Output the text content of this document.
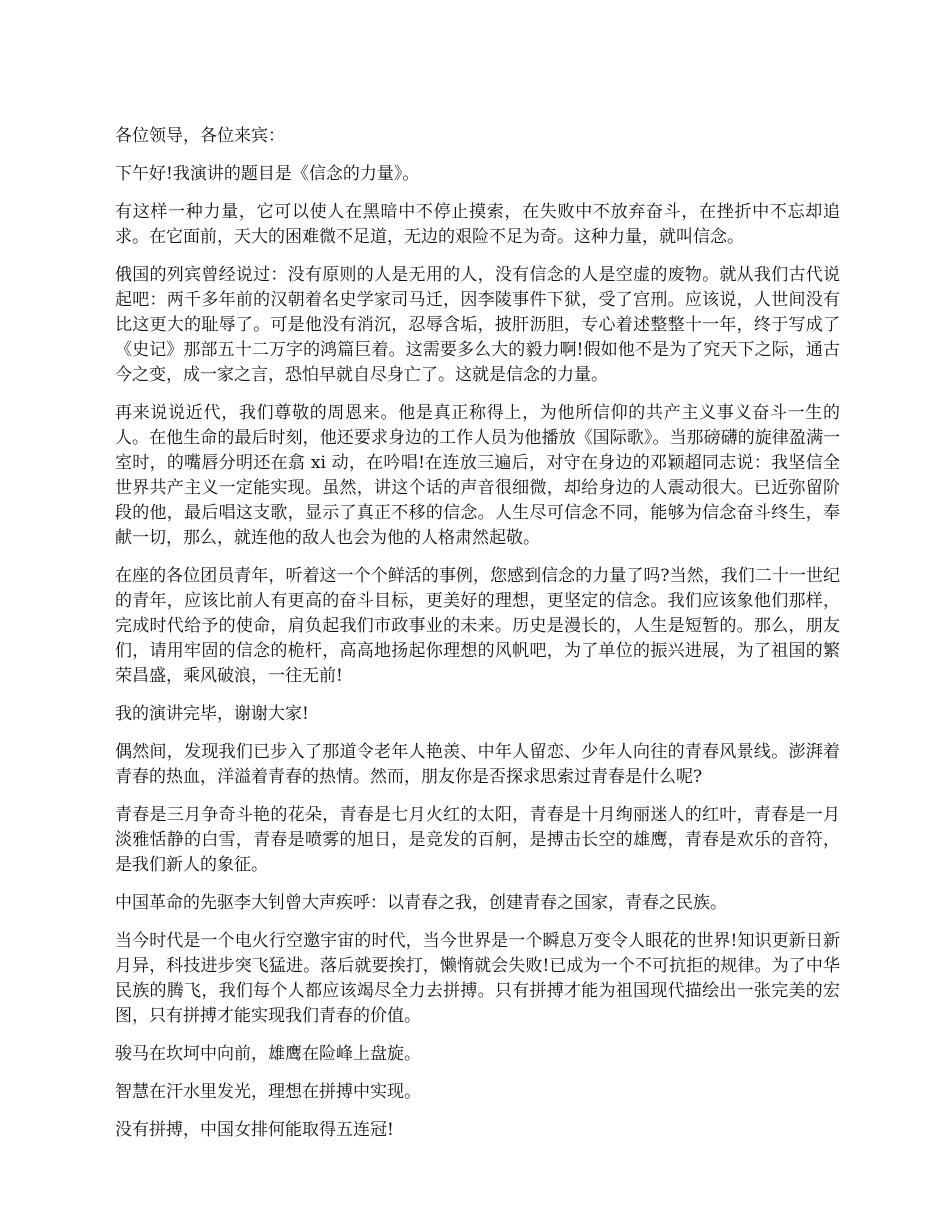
各位领导，各位来宾：

下午好!我演讲的题目是《信念的力量》。

有这样一种力量，它可以使人在黑暗中不停止摸索，在失败中不放弃奋斗，在挫折中不忘却追求。在它面前，天大的困难微不足道，无边的艰险不足为奇。这种力量，就叫信念。

俄国的列宾曾经说过：没有原则的人是无用的人，没有信念的人是空虚的废物。就从我们古代说起吧：两千多年前的汉朝着名史学家司马迁，因李陵事件下狱，受了宫刑。应该说，人世间没有比这更大的耻辱了。可是他没有消沉，忍辱含垢，披肝沥胆，专心着述整整十一年，终于写成了《史记》那部五十二万字的鸿篇巨着。这需要多么大的毅力啊!假如他不是为了究天下之际，通古今之变，成一家之言，恐怕早就自尽身亡了。这就是信念的力量。

再来说说近代，我们尊敬的周恩来。他是真正称得上，为他所信仰的共产主义事义奋斗一生的人。在他生命的最后时刻，他还要求身边的工作人员为他播放《国际歌》。当那磅礴的旋律盈满一室时，的嘴唇分明还在翕 xi 动，在吟唱!在连放三遍后，对守在身边的邓颖超同志说：我坚信全世界共产主义一定能实现。虽然，讲这个话的声音很细微，却给身边的人震动很大。已近弥留阶段的他，最后唱这支歌，显示了真正不移的信念。人生尽可信念不同，能够为信念奋斗终生，奉献一切，那么，就连他的敌人也会为他的人格肃然起敬。

在座的各位团员青年，听着这一个个鲜活的事例，您感到信念的力量了吗?当然，我们二十一世纪的青年，应该比前人有更高的奋斗目标，更美好的理想，更坚定的信念。我们应该象他们那样，完成时代给予的使命，肩负起我们市政事业的未来。历史是漫长的，人生是短暂的。那么，朋友们，请用牢固的信念的桅杆，高高地扬起你理想的风帆吧，为了单位的振兴进展，为了祖国的繁荣昌盛，乘风破浪，一往无前!

我的演讲完毕，谢谢大家!

偶然间，发现我们已步入了那道令老年人艳羡、中年人留恋、少年人向往的青春风景线。澎湃着青春的热血，洋溢着青春的热情。然而，朋友你是否探求思索过青春是什么呢?

青春是三月争奇斗艳的花朵，青春是七月火红的太阳，青春是十月绚丽迷人的红叶，青春是一月淡雅恬静的白雪，青春是喷雾的旭日，是竞发的百舸，是搏击长空的雄鹰，青春是欢乐的音符，是我们新人的象征。

中国革命的先驱李大钊曾大声疾呼：以青春之我，创建青春之国家，青春之民族。

当今时代是一个电火行空邀宇宙的时代，当今世界是一个瞬息万变令人眼花的世界!知识更新日新月异，科技进步突飞猛进。落后就要挨打，懒惰就会失败!已成为一个不可抗拒的规律。为了中华民族的腾飞，我们每个人都应该竭尽全力去拼搏。只有拼搏才能为祖国现代描绘出一张完美的宏图，只有拼搏才能实现我们青春的价值。

骏马在坎坷中向前，雄鹰在险峰上盘旋。

智慧在汗水里发光，理想在拼搏中实现。

没有拼搏，中国女排何能取得五连冠!
